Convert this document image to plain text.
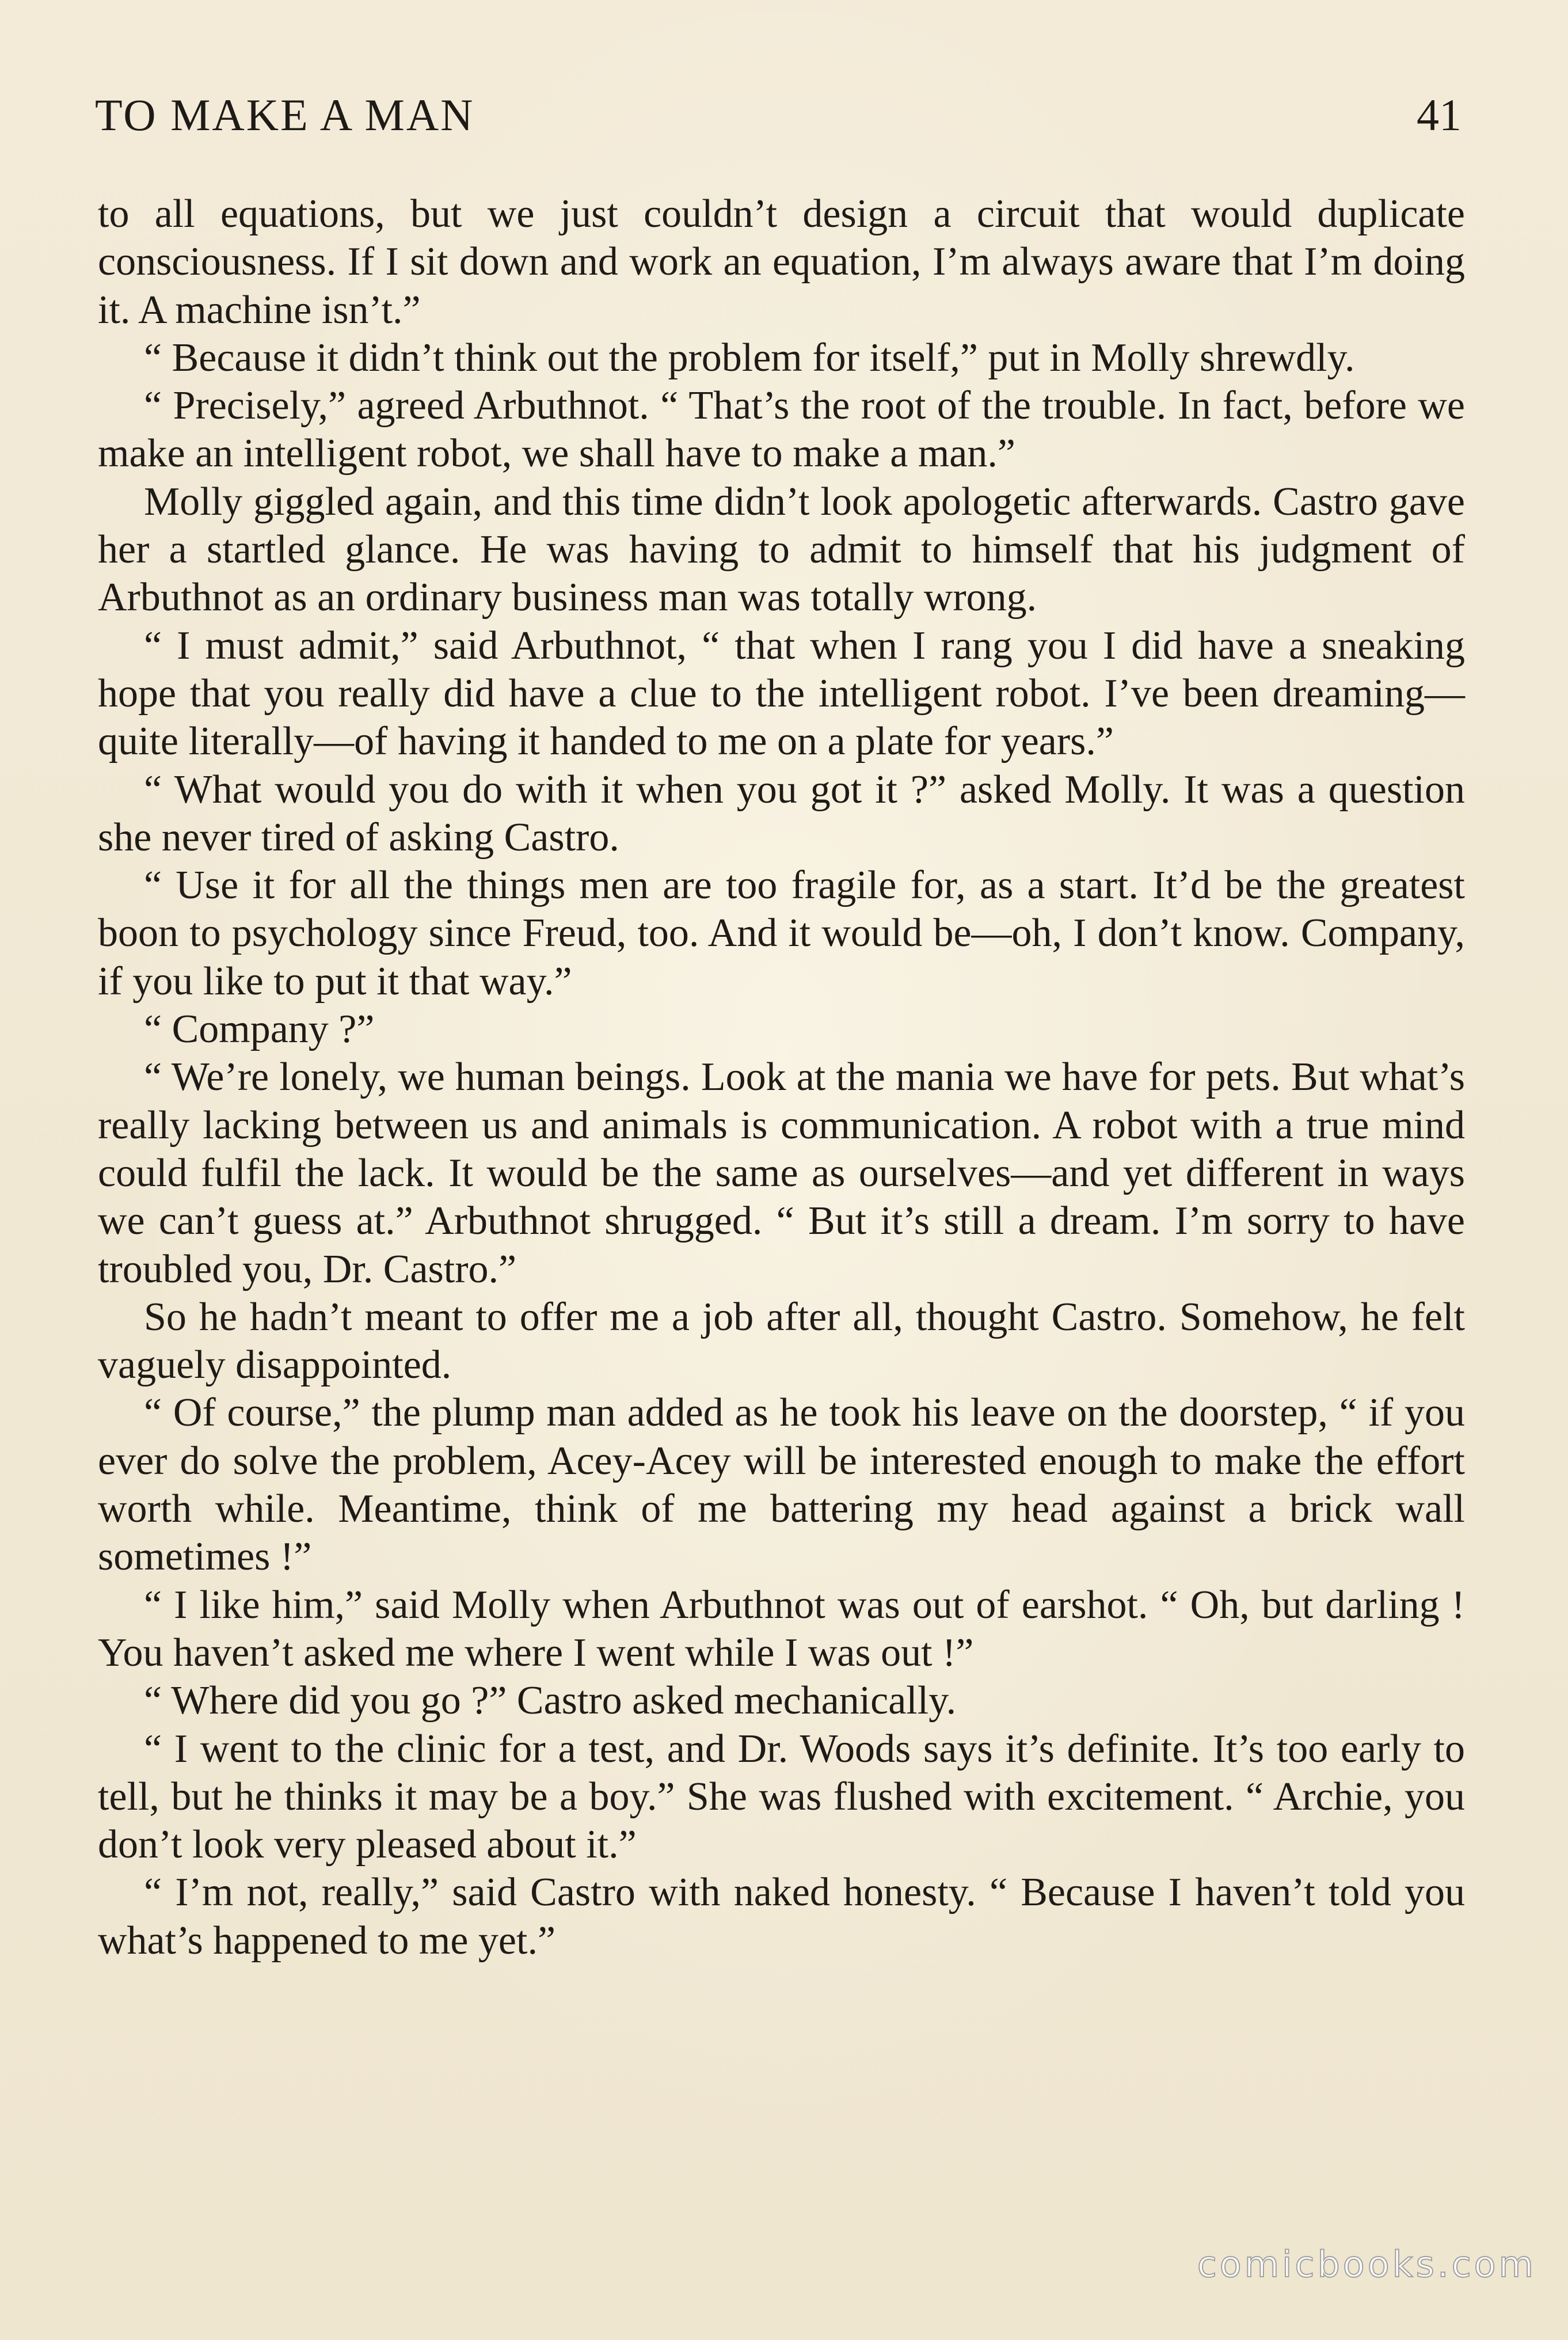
TO MAKE A MAN	41

to all equations, but we just couldn’t design a circuit that would duplicate consciousness. If I sit down and work an equation, I’m always aware that I’m doing it. A machine isn’t.”

“ Because it didn’t think out the problem for itself,” put in Molly shrewdly.

“ Precisely,” agreed Arbuthnot. “ That’s the root of the trouble. In fact, before we make an intelligent robot, we shall have to make a man.”

Molly giggled again, and this time didn’t look apologetic afterwards. Castro gave her a startled glance. He was having to admit to himself that his judgment of Arbuthnot as an ordinary business man was totally wrong.

“ I must admit,” said Arbuthnot, “ that when I rang you I did have a sneaking hope that you really did have a clue to the intelligent robot. I’ve been dreaming—quite literally—of having it handed to me on a plate for years.”

“ What would you do with it when you got it ?” asked Molly. It was a question she never tired of asking Castro.

“ Use it for all the things men are too fragile for, as a start. It’d be the greatest boon to psychology since Freud, too. And it would be—oh, I don’t know. Company, if you like to put it that way.”

“ Company ?”

“ We’re lonely, we human beings. Look at the mania we have for pets. But what’s really lacking between us and animals is communication. A robot with a true mind could fulfil the lack. It would be the same as ourselves—and yet different in ways we can’t guess at.” Arbuthnot shrugged. “ But it’s still a dream. I’m sorry to have troubled you, Dr. Castro.”

So he hadn’t meant to offer me a job after all, thought Castro. Somehow, he felt vaguely disappointed.

“ Of course,” the plump man added as he took his leave on the doorstep, “ if you ever do solve the problem, Acey-Acey will be interested enough to make the effort worth while. Meantime, think of me battering my head against a brick wall sometimes !”

“ I like him,” said Molly when Arbuthnot was out of earshot. “ Oh, but darling ! You haven’t asked me where I went while I was out !”

“ Where did you go ?” Castro asked mechanically.

“ I went to the clinic for a test, and Dr. Woods says it’s definite. It’s too early to tell, but he thinks it may be a boy.” She was flushed with excitement. “ Archie, you don’t look very pleased about it.”

“ I’m not, really,” said Castro with naked honesty. “ Because I haven’t told you what’s happened to me yet.”

comicbooks.com
